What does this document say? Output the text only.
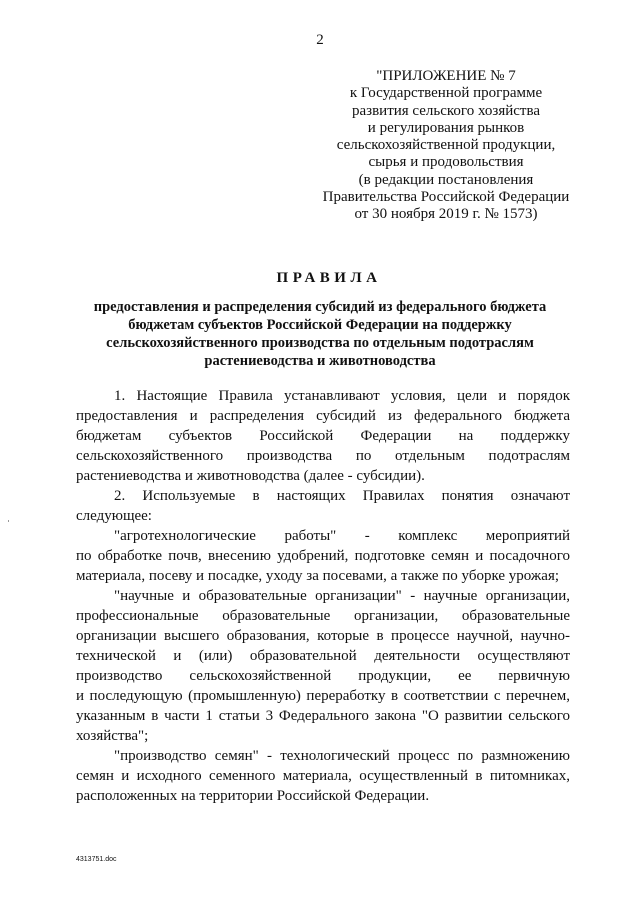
2
"ПРИЛОЖЕНИЕ № 7
к Государственной программе
развития сельского хозяйства
и регулирования рынков
сельскохозяйственной продукции,
сырья и продовольствия
(в редакции постановления
Правительства Российской Федерации
от 30 ноября 2019 г. № 1573)
ПРАВИЛА
предоставления и распределения субсидий из федерального бюджета
бюджетам субъектов Российской Федерации на поддержку
сельскохозяйственного производства по отдельным подотраслям
растениеводства и животноводства
1. Настоящие Правила устанавливают условия, цели и порядок
предоставления и распределения субсидий из федерального бюджета
бюджетам субъектов Российской Федерации на поддержку
сельскохозяйственного производства по отдельным подотраслям
растениеводства и животноводства (далее - субсидии).
2. Используемые в настоящих Правилах понятия означают
следующее:
"агротехнологические работы" - комплекс мероприятий
по обработке почв, внесению удобрений, подготовке семян и посадочного
материала, посеву и посадке, уходу за посевами, а также по уборке урожая;
"научные и образовательные организации" - научные организации,
профессиональные образовательные организации, образовательные
организации высшего образования, которые в процессе научной, научно-
технической и (или) образовательной деятельности осуществляют
производство сельскохозяйственной продукции, ее первичную
и последующую (промышленную) переработку в соответствии с перечнем,
указанным в части 1 статьи 3 Федерального закона "О развитии сельского
хозяйства";
"производство семян" - технологический процесс по размножению
семян и исходного семенного материала, осуществленный в питомниках,
расположенных на территории Российской Федерации.
4313751.doc
